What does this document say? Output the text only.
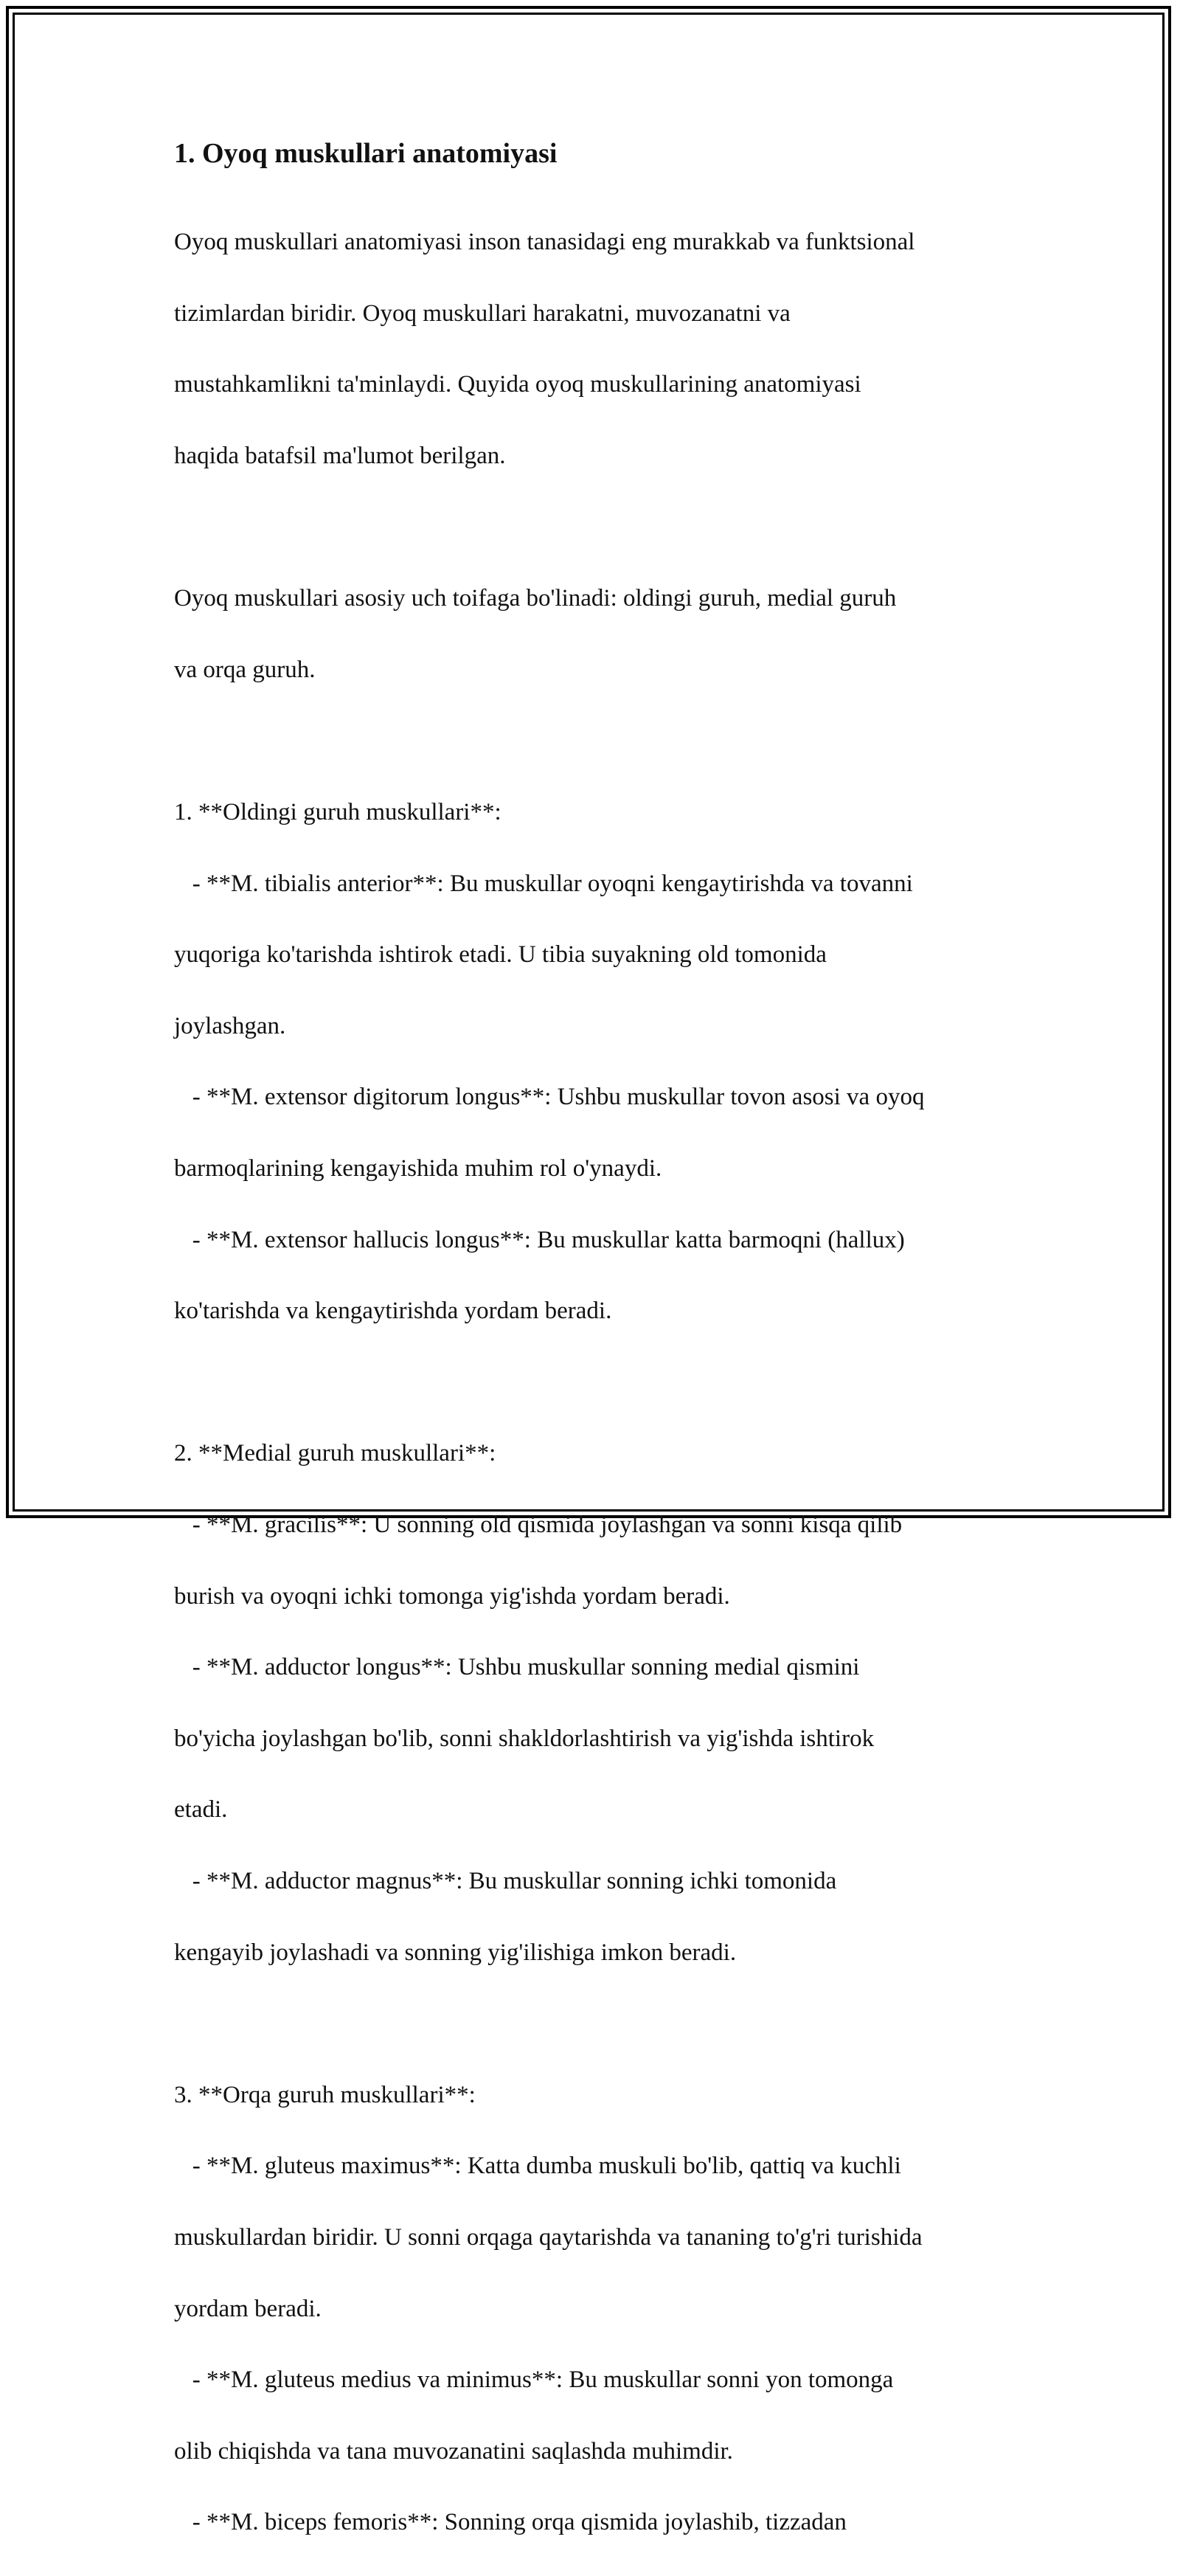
1. Oyoq muskullari anatomiyasi

Oyoq muskullari anatomiyasi inson tanasidagi eng murakkab va funktsional

tizimlardan biridir. Oyoq muskullari harakatni, muvozanatni va

mustahkamlikni ta'minlaydi. Quyida oyoq muskullarining anatomiyasi

haqida batafsil ma'lumot berilgan.

Oyoq muskullari asosiy uch toifaga bo'linadi: oldingi guruh, medial guruh

va orqa guruh.

1. **Oldingi guruh muskullari**:

- **M. tibialis anterior**: Bu muskullar oyoqni kengaytirishda va tovanni

yuqoriga ko'tarishda ishtirok etadi. U tibia suyakning old tomonida

joylashgan.

- **M. extensor digitorum longus**: Ushbu muskullar tovon asosi va oyoq

barmoqlarining kengayishida muhim rol o'ynaydi.

- **M. extensor hallucis longus**: Bu muskullar katta barmoqni (hallux)

ko'tarishda va kengaytirishda yordam beradi.

2. **Medial guruh muskullari**:

- **M. gracilis**: U sonning old qismida joylashgan va sonni kisqa qilib

burish va oyoqni ichki tomonga yig'ishda yordam beradi.

- **M. adductor longus**: Ushbu muskullar sonning medial qismini

bo'yicha joylashgan bo'lib, sonni shakldorlashtirish va yig'ishda ishtirok

etadi.

- **M. adductor magnus**: Bu muskullar sonning ichki tomonida

kengayib joylashadi va sonning yig'ilishiga imkon beradi.

3. **Orqa guruh muskullari**:

- **M. gluteus maximus**: Katta dumba muskuli bo'lib, qattiq va kuchli

muskullardan biridir. U sonni orqaga qaytarishda va tananing to'g'ri turishida

yordam beradi.

- **M. gluteus medius va minimus**: Bu muskullar sonni yon tomonga

olib chiqishda va tana muvozanatini saqlashda muhimdir.

- **M. biceps femoris**: Sonning orqa qismida joylashib, tizzadan
